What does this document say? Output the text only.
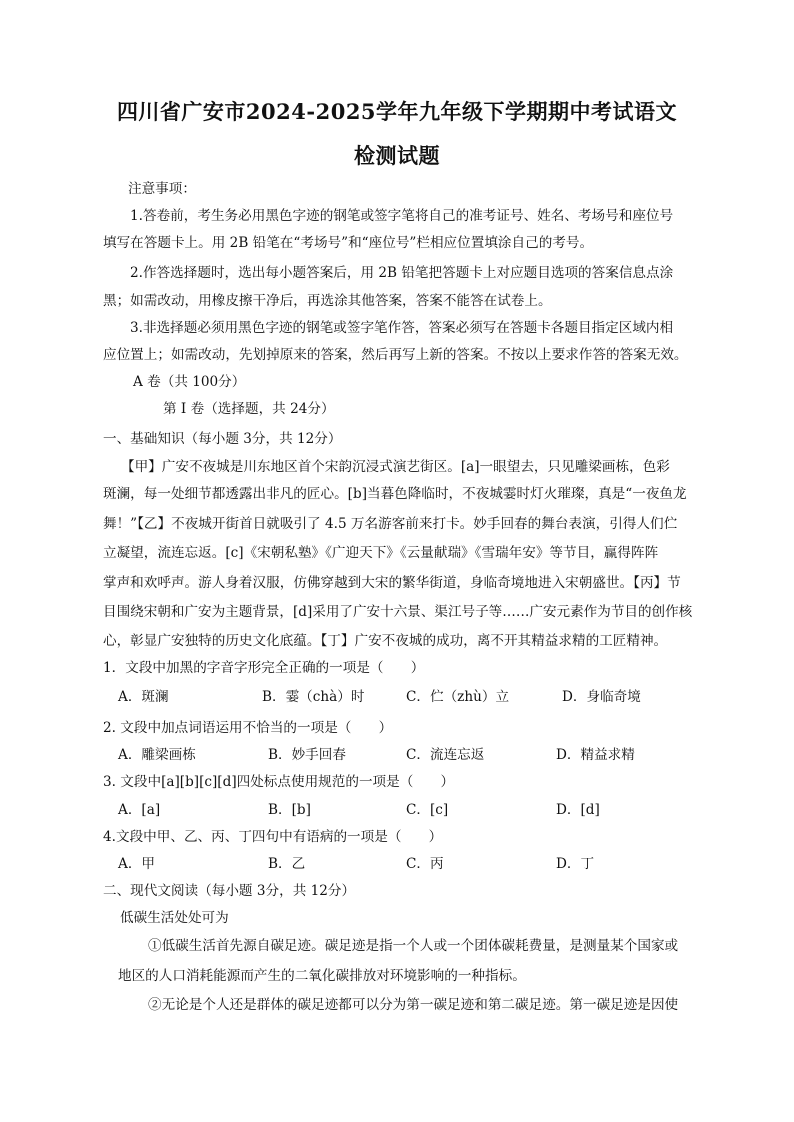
四川省广安市2024-2025学年九年级下学期期中考试语文
检测试题
注意事项：
1.答卷前，考生务必用黑色字迹的钢笔或签字笔将自己的准考证号、姓名、考场号和座位号
填写在答题卡上。用 2B 铅笔在“考场号”和“座位号”栏相应位置填涂自己的考号。
2.作答选择题时，选出每小题答案后，用 2B 铅笔把答题卡上对应题目选项的答案信息点涂
黑；如需改动，用橡皮擦干净后，再选涂其他答案，答案不能答在试卷上。
3.非选择题必须用黑色字迹的钢笔或签字笔作答，答案必须写在答题卡各题目指定区域内相
应位置上；如需改动，先划掉原来的答案，然后再写上新的答案。不按以上要求作答的答案无效。
A 卷（共 100分）
第 I 卷（选择题，共 24分）
一、基础知识（每小题 3分，共 12分）
【甲】广安不夜城是川东地区首个宋韵沉浸式演艺街区。[a]一眼望去，只见雕梁画栋，色彩
斑澜，每一处细节都透露出非凡的匠心。[b]当暮色降临时，不夜城霎时灯火璀璨，真是“一夜鱼龙
舞！”【乙】不夜城开街首日就吸引了 4.5 万名游客前来打卡。妙手回春的舞台表演，引得人们伫
立凝望，流连忘返。[c]《宋朝私塾》《广迎天下》《云量献瑞》《雪瑞年安》等节目，赢得阵阵
掌声和欢呼声。游人身着汉服，仿佛穿越到大宋的繁华街道，身临奇境地进入宋朝盛世。【丙】节
目围绕宋朝和广安为主题背景，[d]采用了广安十六景、渠江号子等……广安元素作为节目的创作核
心，彰显广安独特的历史文化底蕴。【丁】广安不夜城的成功，离不开其精益求精的工匠精神。
1．文段中加黑的字音字形完全正确的一项是（　　）
A．斑澜	B．霎（chà）时	C．伫（zhù）立	D．身临奇境
2. 文段中加点词语运用不恰当的一项是（　　）
A．雕梁画栋	B．妙手回春	C．流连忘返	D．精益求精
3. 文段中[a][b][c][d]四处标点使用规范的一项是（　　）
A．[a]	B．[b]	C．[c]	D．[d]
4.文段中甲、乙、丙、丁四句中有语病的一项是（　　）
A．甲	B．乙	C．丙	D．丁
二、现代文阅读（每小题 3分，共 12分）
低碳生活处处可为
①低碳生活首先源自碳足迹。碳足迹是指一个人或一个团体碳耗费量，是测量某个国家或
地区的人口消耗能源而产生的二氧化碳排放对环境影响的一种指标。
②无论是个人还是群体的碳足迹都可以分为第一碳足迹和第二碳足迹。第一碳足迹是因使
